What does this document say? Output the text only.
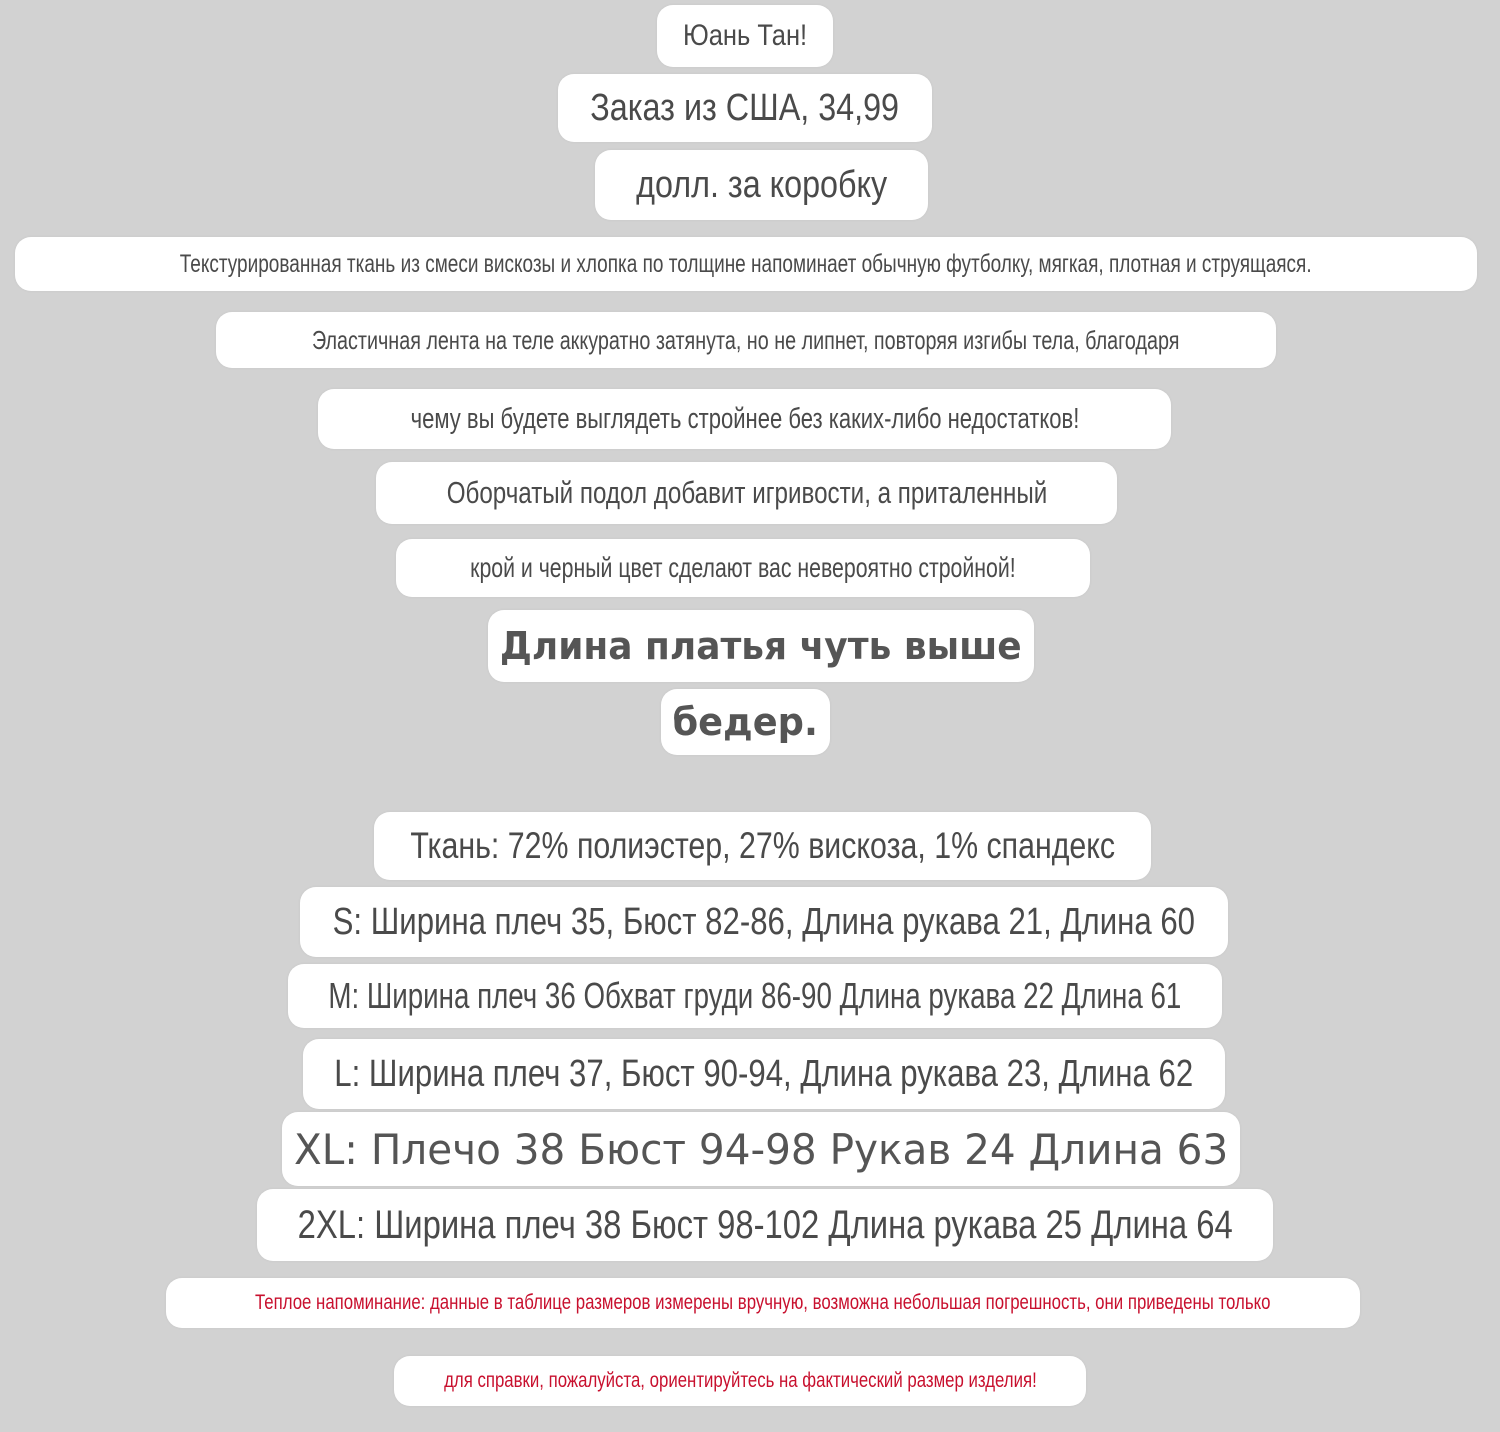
Юань Тан!
Заказ из США, 34,99
долл. за коробку
Текстурированная ткань из смеси вискозы и хлопка по толщине напоминает обычную футболку, мягкая, плотная и струящаяся.
Эластичная лента на теле аккуратно затянута, но не липнет, повторяя изгибы тела, благодаря
чему вы будете выглядеть стройнее без каких-либо недостатков!
Оборчатый подол добавит игривости, а приталенный
крой и черный цвет сделают вас невероятно стройной!
Длина платья чуть выше
бедер.
Ткань: 72% полиэстер, 27% вискоза, 1% спандекс
S: Ширина плеч 35, Бюст 82-86, Длина рукава 21, Длина 60
M: Ширина плеч 36 Обхват груди 86-90 Длина рукава 22 Длина 61
L: Ширина плеч 37, Бюст 90-94, Длина рукава 23, Длина 62
XL: Плечо 38 Бюст 94-98 Рукав 24 Длина 63
2XL: Ширина плеч 38 Бюст 98-102 Длина рукава 25 Длина 64
Теплое напоминание: данные в таблице размеров измерены вручную, возможна небольшая погрешность, они приведены только
для справки, пожалуйста, ориентируйтесь на фактический размер изделия!
